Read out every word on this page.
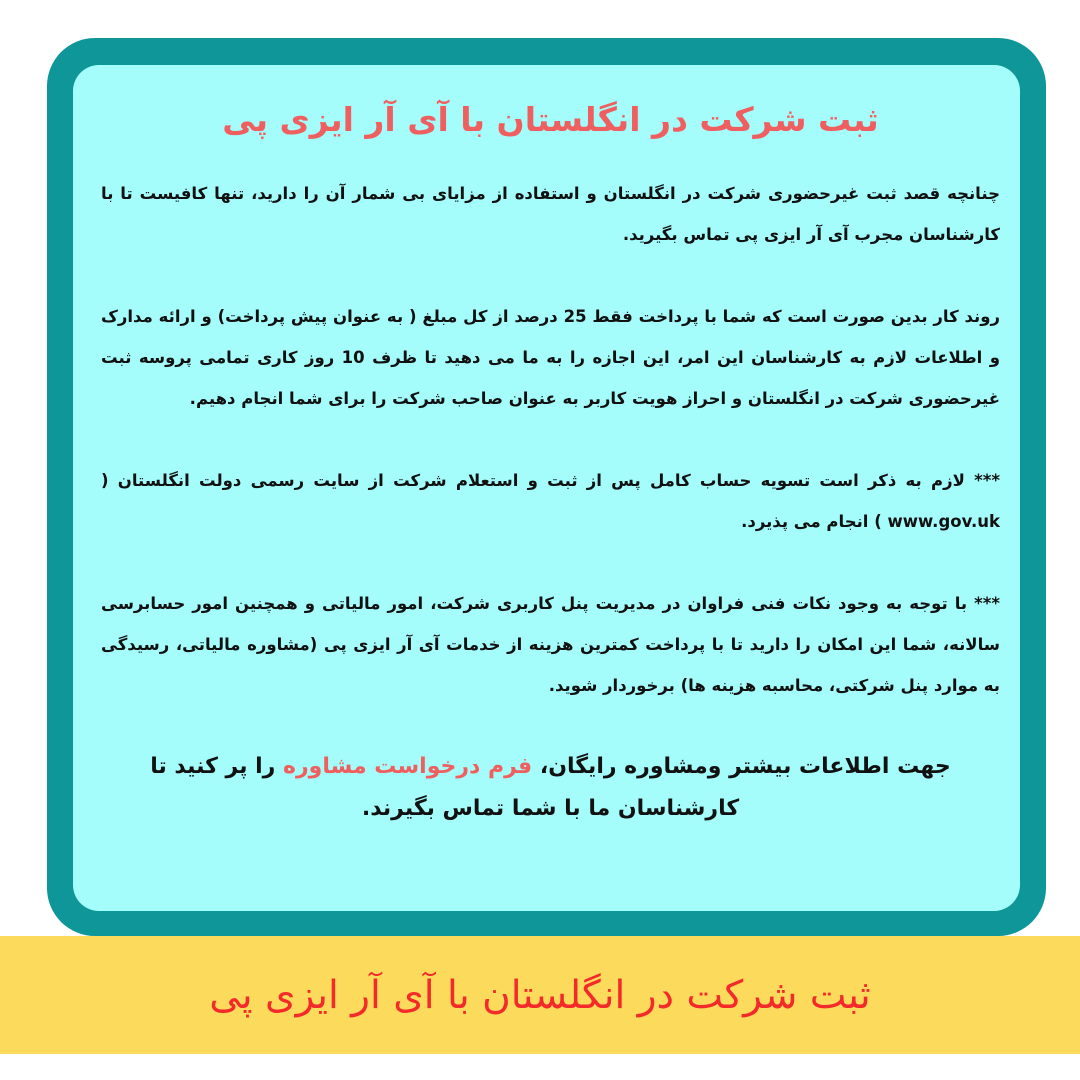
ثبت شرکت در انگلستان با آی آر ایزی پی

چنانچه قصد ثبت غیرحضوری شرکت در انگلستان و استفاده از مزایای بی شمار آن را دارید، تنها کافیست تا با کارشناسان مجرب آی آر ایزی پی تماس بگیرید.

روند کار بدین صورت است که شما با پرداخت فقط 25 درصد از کل مبلغ ( به عنوان پیش پرداخت) و ارائه مدارک و اطلاعات لازم به کارشناسان این امر، این اجازه را به ما می دهید تا ظرف 10 روز کاری تمامی پروسه ثبت غیرحضوری شرکت در انگلستان و احراز هویت کاربر به عنوان صاحب شرکت را برای شما انجام دهیم.

*** لازم به ذکر است تسویه حساب کامل پس از ثبت و استعلام شرکت از سایت رسمی دولت انگلستان ( www.gov.uk ) انجام می پذیرد.

*** با توجه به وجود نکات فنی فراوان در مدیریت پنل کاربری شرکت، امور مالیاتی و همچنین امور حسابرسی سالانه، شما این امکان را دارید تا با پرداخت کمترین هزینه از خدمات آی آر ایزی پی (مشاوره مالیاتی، رسیدگی به موارد پنل شرکتی، محاسبه هزینه ها) برخوردار شوید.

جهت اطلاعات بیشتر ومشاوره رایگان، فرم درخواست مشاوره را پر کنید تا کارشناسان ما با شما تماس بگیرند.

ثبت شرکت در انگلستان با آی آر ایزی پی
